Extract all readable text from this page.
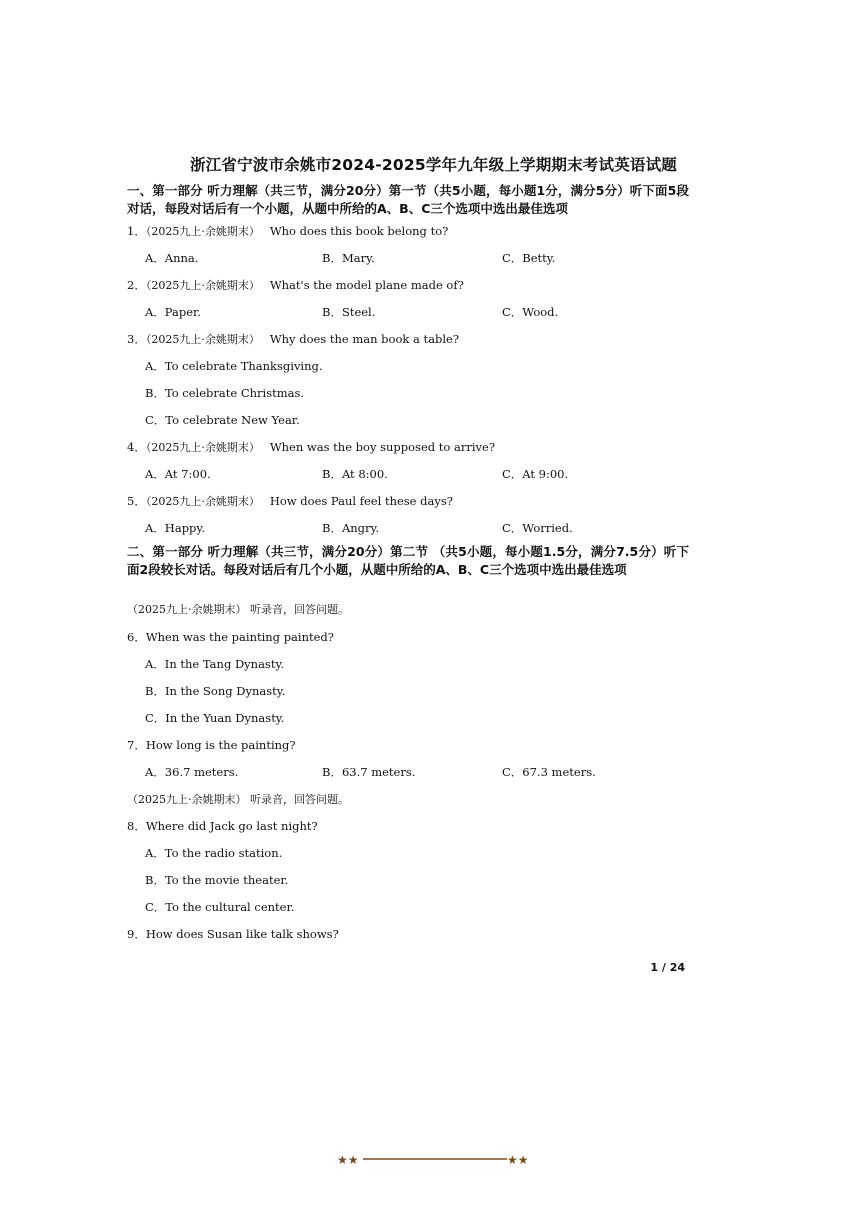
浙江省宁波市余姚市2024-2025学年九年级上学期期末考试英语试题
一、第一部分 听力理解（共三节，满分20分）第一节（共5小题，每小题1分，满分5分）听下面5段对话，每段对话后有一个小题，从题中所给的A、B、C三个选项中选出最佳选项
1．（2025九上·余姚期末） Who does this book belong to?
A．Anna.	B．Mary.	C．Betty.
2．（2025九上·余姚期末） What's the model plane made of?
A．Paper.	B．Steel.	C．Wood.
3．（2025九上·余姚期末） Why does the man book a table?
A．To celebrate Thanksgiving.
B．To celebrate Christmas.
C．To celebrate New Year.
4．（2025九上·余姚期末） When was the boy supposed to arrive?
A．At 7:00.	B．At 8:00.	C．At 9:00.
5．（2025九上·余姚期末） How does Paul feel these days?
A．Happy.	B．Angry.	C．Worried.
二、第一部分 听力理解（共三节，满分20分）第二节 （共5小题，每小题1.5分，满分7.5分）听下面2段较长对话。每段对话后有几个小题，从题中所给的A、B、C三个选项中选出最佳选项
（2025九上·余姚期末） 听录音，回答问题。
6．When was the painting painted?
A．In the Tang Dynasty.
B．In the Song Dynasty.
C．In the Yuan Dynasty.
7．How long is the painting?
A．36.7 meters.	B．63.7 meters.	C．67.3 meters.
（2025九上·余姚期末） 听录音，回答问题。
8．Where did Jack go last night?
A．To the radio station.
B．To the movie theater.
C．To the cultural center.
9．How does Susan like talk shows?
1 / 24
★★	★★
